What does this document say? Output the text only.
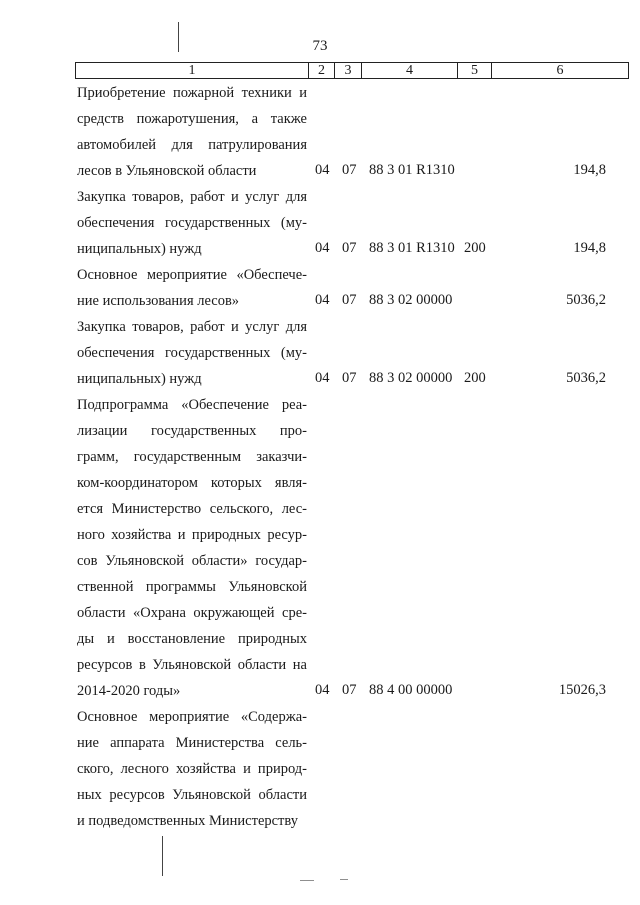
73
1	2	3	4	5	6
Приобретение пожарной техники и
средств пожаротушения, а также
автомобилей для патрулирования
лесов в Ульяновской области	04 07 88 3 01 R1310	194,8
Закупка товаров, работ и услуг для
обеспечения государственных (му-
ниципальных) нужд	04 07 88 3 01 R1310 200	194,8
Основное мероприятие «Обеспече-
ние использования лесов»	04 07 88 3 02 00000	5036,2
Закупка товаров, работ и услуг для
обеспечения государственных (му-
ниципальных) нужд	04 07 88 3 02 00000 200	5036,2
Подпрограмма «Обеспечение реа-
лизации государственных про-
грамм, государственным заказчи-
ком-координатором которых явля-
ется Министерство сельского, лес-
ного хозяйства и природных ресур-
сов Ульяновской области» государ-
ственной программы Ульяновской
области «Охрана окружающей сре-
ды и восстановление природных
ресурсов в Ульяновской области на
2014-2020 годы»	04 07 88 4 00 00000	15026,3
Основное мероприятие «Содержа-
ние аппарата Министерства сель-
ского, лесного хозяйства и природ-
ных ресурсов Ульяновской области
и подведомственных Министерству
